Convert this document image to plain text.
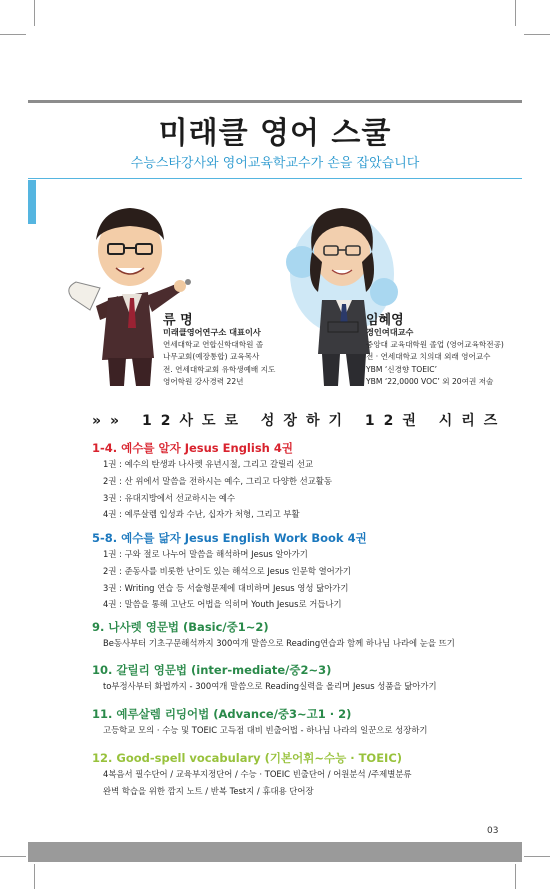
미래클 영어 스쿨
수능스타강사와 영어교육학교수가 손을 잡았습니다
류 명
미래클영어연구소 대표이사
연세대학교 연합신학대학원 졸
나무교회(예장통합) 교육목사
전. 연세대학교회 유학생예배 지도
영어학원 강사경력 22년
임혜영
경인여대교수
중앙대 교육대학원 졸업 (영어교육학전공)
전 · 연세대학교 치의대 외래 영어교수
YBM ‘신경향 TOEIC’
YBM ‘22,0000 VOC’ 외 20여권 저술
»» 12사도로 성장하기 12권 시리즈
1-4. 예수를 알자 Jesus English 4권
1권 : 예수의 탄생과 나사렛 유년시절, 그리고 갈릴리 선교
2권 : 산 위에서 말씀을 전하시는 예수, 그리고 다양한 선교활동
3권 : 유대지방에서 선교하시는 예수
4권 : 예루살렘 입성과 수난, 십자가 처형, 그리고 부활
5-8. 예수를 닮자 Jesus English Work Book 4권
1권 : 구와 절로 나누어 말씀을 해석하며 Jesus 알아가기
2권 : 준동사를 비롯한 난이도 있는 해석으로 Jesus 인문학 열어가기
3권 : Writing 연습 등 서술형문제에 대비하며 Jesus 영성 닮아가기
4권 : 말씀을 통해 고난도 어법을 익히며 Youth Jesus로 거듭나기
9. 나사렛 영문법 (Basic/중1~2)
Be동사부터 기초구문해석까지 300여개 말씀으로 Reading연습과 함께 하나님 나라에 눈을 뜨기
10. 갈릴리 영문법 (inter-mediate/중2~3)
to부정사부터 화법까지 - 300여개 말씀으로 Reading실력을 올리며 Jesus 성품을 닮아가기
11. 예루살렘 리딩어법 (Advance/중3~고1 · 2)
고등학교 모의 · 수능 및 TOEIC 고득점 대비 빈출어법 - 하나님 나라의 일꾼으로 성장하기
12. Good-spell vocabulary (기본어휘~수능 · TOEIC)
4복음서 필수단어 / 교육부지정단어 / 수능 · TOEIC 빈출단어 / 어원분석 /주제별분류
완벽 학습을 위한 깜지 노트 / 반복 Test지 / 휴대용 단어장
03
